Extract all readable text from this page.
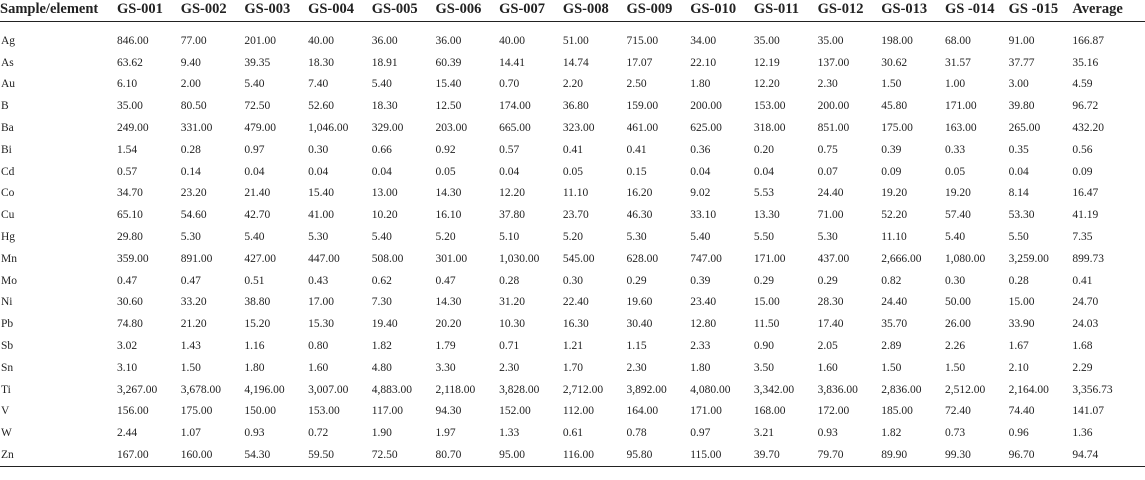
Sample/element	GS-001	GS-002	GS-003	GS-004	GS-005	GS-006	GS-007	GS-008	GS-009	GS-010	GS-011	GS-012	GS-013	GS -014	GS -015	Average

Ag	846.00	77.00	201.00	40.00	36.00	36.00	40.00	51.00	715.00	34.00	35.00	35.00	198.00	68.00	91.00	166.87
As	63.62	9.40	39.35	18.30	18.91	60.39	14.41	14.74	17.07	22.10	12.19	137.00	30.62	31.57	37.77	35.16
Au	6.10	2.00	5.40	7.40	5.40	15.40	0.70	2.20	2.50	1.80	12.20	2.30	1.50	1.00	3.00	4.59
B	35.00	80.50	72.50	52.60	18.30	12.50	174.00	36.80	159.00	200.00	153.00	200.00	45.80	171.00	39.80	96.72
Ba	249.00	331.00	479.00	1,046.00	329.00	203.00	665.00	323.00	461.00	625.00	318.00	851.00	175.00	163.00	265.00	432.20
Bi	1.54	0.28	0.97	0.30	0.66	0.92	0.57	0.41	0.41	0.36	0.20	0.75	0.39	0.33	0.35	0.56
Cd	0.57	0.14	0.04	0.04	0.04	0.05	0.04	0.05	0.15	0.04	0.04	0.07	0.09	0.05	0.04	0.09
Co	34.70	23.20	21.40	15.40	13.00	14.30	12.20	11.10	16.20	9.02	5.53	24.40	19.20	19.20	8.14	16.47
Cu	65.10	54.60	42.70	41.00	10.20	16.10	37.80	23.70	46.30	33.10	13.30	71.00	52.20	57.40	53.30	41.19
Hg	29.80	5.30	5.40	5.30	5.40	5.20	5.10	5.20	5.30	5.40	5.50	5.30	11.10	5.40	5.50	7.35
Mn	359.00	891.00	427.00	447.00	508.00	301.00	1,030.00	545.00	628.00	747.00	171.00	437.00	2,666.00	1,080.00	3,259.00	899.73
Mo	0.47	0.47	0.51	0.43	0.62	0.47	0.28	0.30	0.29	0.39	0.29	0.29	0.82	0.30	0.28	0.41
Ni	30.60	33.20	38.80	17.00	7.30	14.30	31.20	22.40	19.60	23.40	15.00	28.30	24.40	50.00	15.00	24.70
Pb	74.80	21.20	15.20	15.30	19.40	20.20	10.30	16.30	30.40	12.80	11.50	17.40	35.70	26.00	33.90	24.03
Sb	3.02	1.43	1.16	0.80	1.82	1.79	0.71	1.21	1.15	2.33	0.90	2.05	2.89	2.26	1.67	1.68
Sn	3.10	1.50	1.80	1.60	4.80	3.30	2.30	1.70	2.30	1.80	3.50	1.60	1.50	1.50	2.10	2.29
Ti	3,267.00	3,678.00	4,196.00	3,007.00	4,883.00	2,118.00	3,828.00	2,712.00	3,892.00	4,080.00	3,342.00	3,836.00	2,836.00	2,512.00	2,164.00	3,356.73
V	156.00	175.00	150.00	153.00	117.00	94.30	152.00	112.00	164.00	171.00	168.00	172.00	185.00	72.40	74.40	141.07
W	2.44	1.07	0.93	0.72	1.90	1.97	1.33	0.61	0.78	0.97	3.21	0.93	1.82	0.73	0.96	1.36
Zn	167.00	160.00	54.30	59.50	72.50	80.70	95.00	116.00	95.80	115.00	39.70	79.70	89.90	99.30	96.70	94.74
